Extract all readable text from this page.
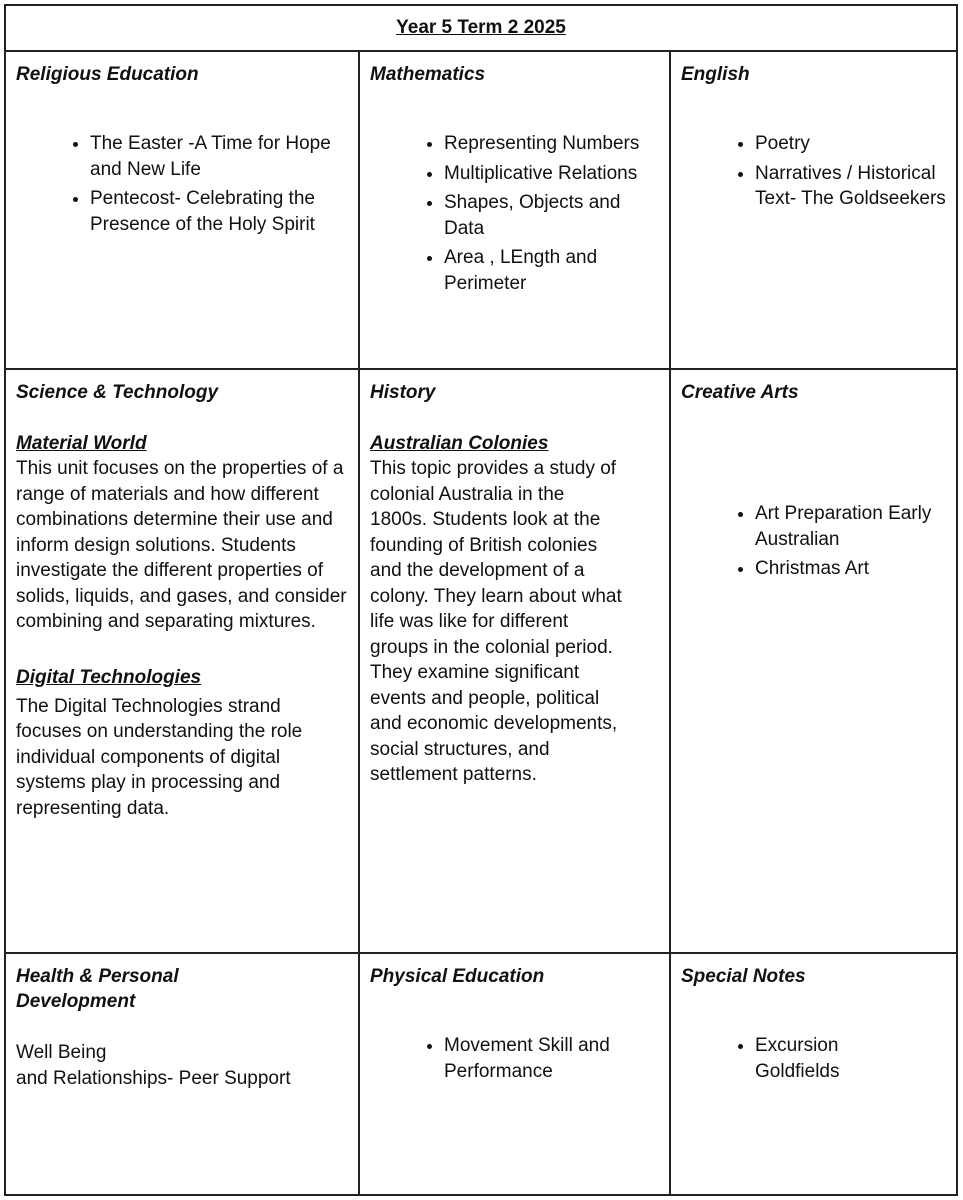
Year 5 Term 2 2025
Religious Education
• The Easter -A Time for Hope and New Life
• Pentecost- Celebrating the Presence of the Holy Spirit
Mathematics
• Representing Numbers
• Multiplicative Relations
• Shapes, Objects and Data
• Area , LEngth and Perimeter
English
• Poetry
• Narratives / Historical Text- The Goldseekers
Science & Technology
Material World

This unit focuses on the properties of a range of materials and how different combinations determine their use and inform design solutions. Students investigate the different properties of solids, liquids, and gases, and consider combining and separating mixtures.

Digital Technologies

The Digital Technologies strand focuses on understanding the role individual components of digital systems play in processing and representing data.

History
Australian Colonies

This topic provides a study of colonial Australia in the 1800s. Students look at the founding of British colonies and the development of a colony. They learn about what life was like for different groups in the colonial period. They examine significant events and people, political and economic developments, social structures, and settlement patterns.

Creative Arts
• Art Preparation Early Australian
• Christmas Art
Health & Personal Development

Well Being

and Relationships- Peer Support

Physical Education
• Movement Skill and Performance
Special Notes
• Excursion Goldfields
